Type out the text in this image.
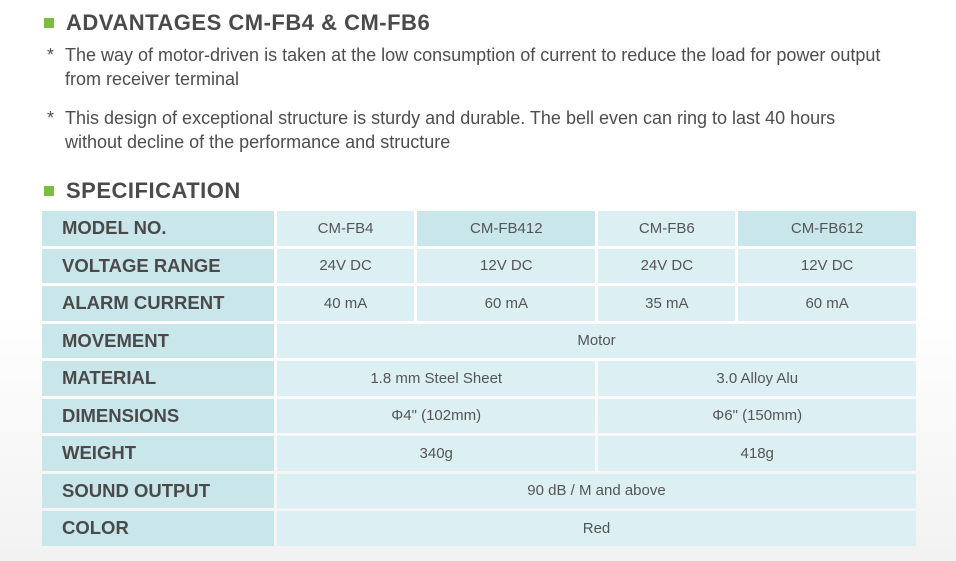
ADVANTAGES CM-FB4 & CM-FB6
* The way of motor-driven is taken at the low consumption of current to reduce the load for power output
from receiver terminal
* This design of exceptional structure is sturdy and durable. The bell even can ring to last 40 hours
without decline of the performance and structure
SPECIFICATION
MODEL NO.	CM-FB4	CM-FB412	CM-FB6	CM-FB612
VOLTAGE RANGE	24V DC	12V DC	24V DC	12V DC
ALARM CURRENT	40 mA	60 mA	35 mA	60 mA
MOVEMENT	Motor			
MATERIAL	1.8 mm Steel Sheet		3.0 Alloy Alu	
DIMENSIONS	Φ4" (102mm)		Φ6" (150mm)	
WEIGHT	340g		418g	
SOUND OUTPUT	90 dB / M and above			
COLOR	Red			
